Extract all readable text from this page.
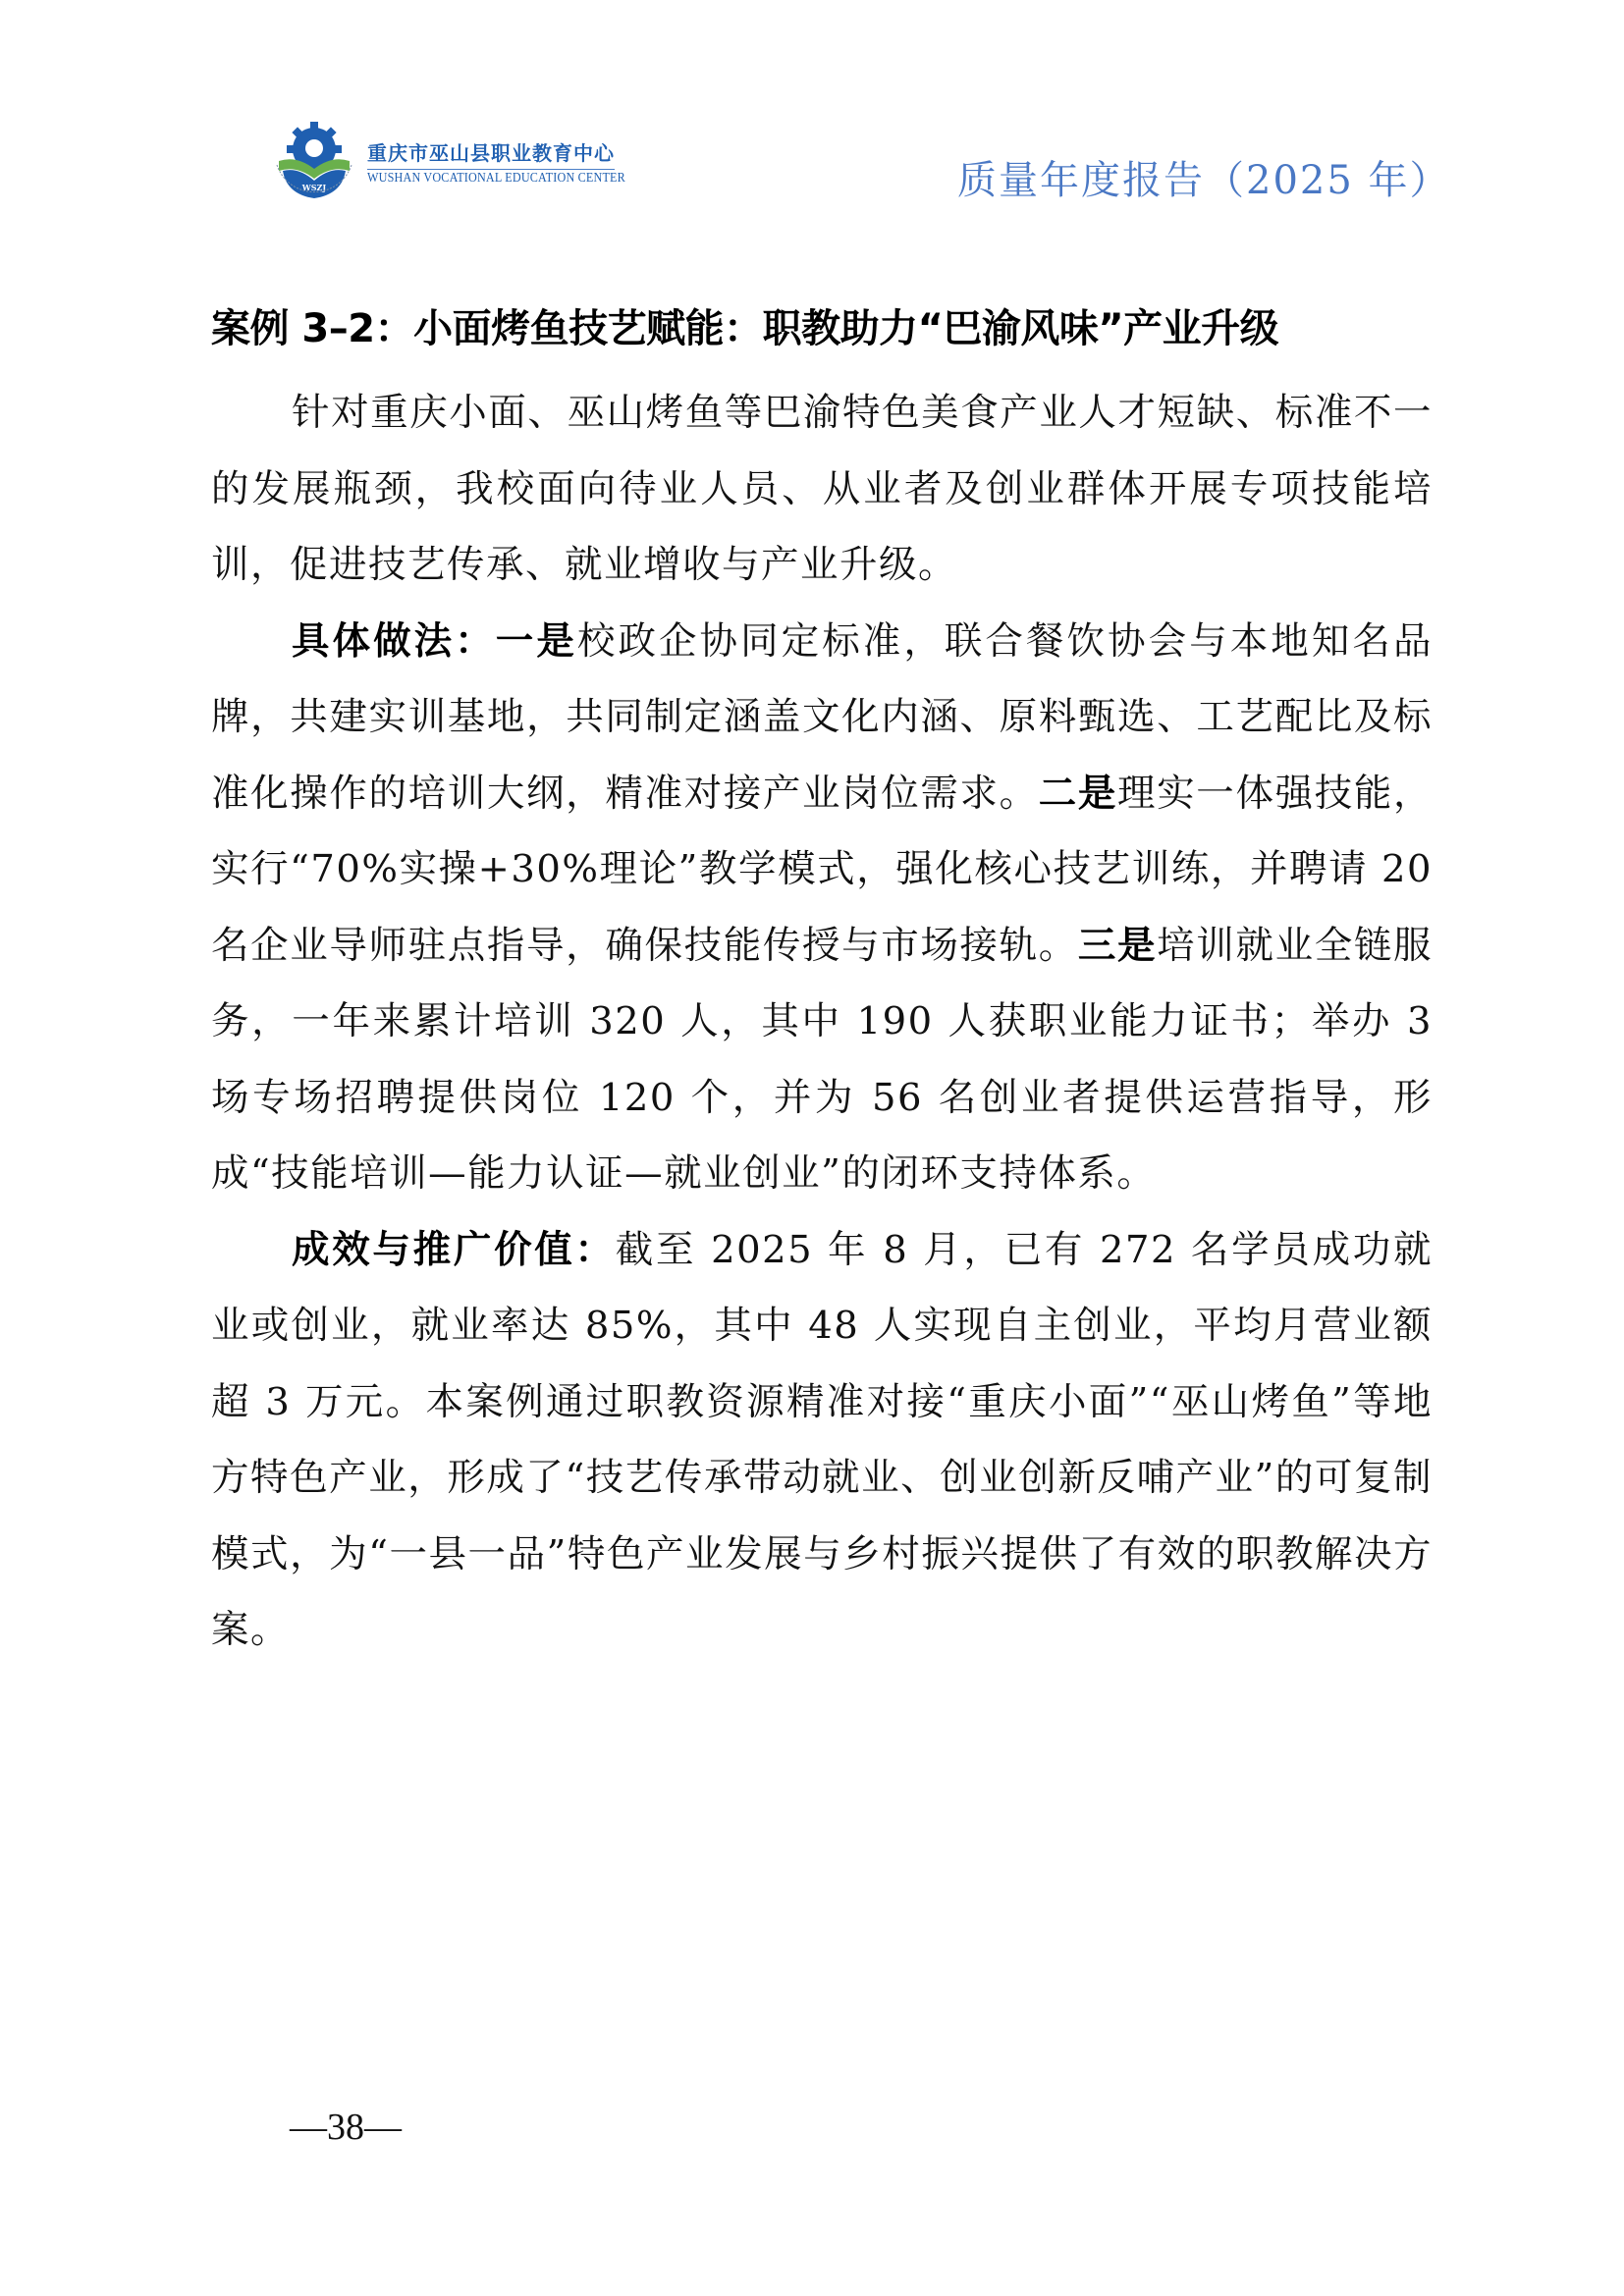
WSZJ
重庆市巫山县职业教育中心
WUSHAN VOCATIONAL EDUCATION CENTER	质量年度报告（2025 年）
案例 3–2：小面烤鱼技艺赋能：职教助力“巴渝风味”产业升级

针对重庆小面、巫山烤鱼等巴渝特色美食产业人才短缺、标准不一的发展瓶颈，我校面向待业人员、从业者及创业群体开展专项技能培训，促进技艺传承、就业增收与产业升级。

具体做法：一是校政企协同定标准，联合餐饮协会与本地知名品牌，共建实训基地，共同制定涵盖文化内涵、原料甄选、工艺配比及标准化操作的培训大纲，精准对接产业岗位需求。二是理实一体强技能，实行“70%实操+30%理论”教学模式，强化核心技艺训练，并聘请 20 名企业导师驻点指导，确保技能传授与市场接轨。三是培训就业全链服务，一年来累计培训 320 人，其中 190 人获职业能力证书；举办 3 场专场招聘提供岗位 120 个，并为 56 名创业者提供运营指导，形成“技能培训—能力认证—就业创业”的闭环支持体系。

成效与推广价值：截至 2025 年 8 月，已有 272 名学员成功就业或创业，就业率达 85%，其中 48 人实现自主创业，平均月营业额超 3 万元。本案例通过职教资源精准对接“重庆小面”“巫山烤鱼”等地方特色产业，形成了“技艺传承带动就业、创业创新反哺产业”的可复制模式，为“一县一品”特色产业发展与乡村振兴提供了有效的职教解决方案。

—38—
